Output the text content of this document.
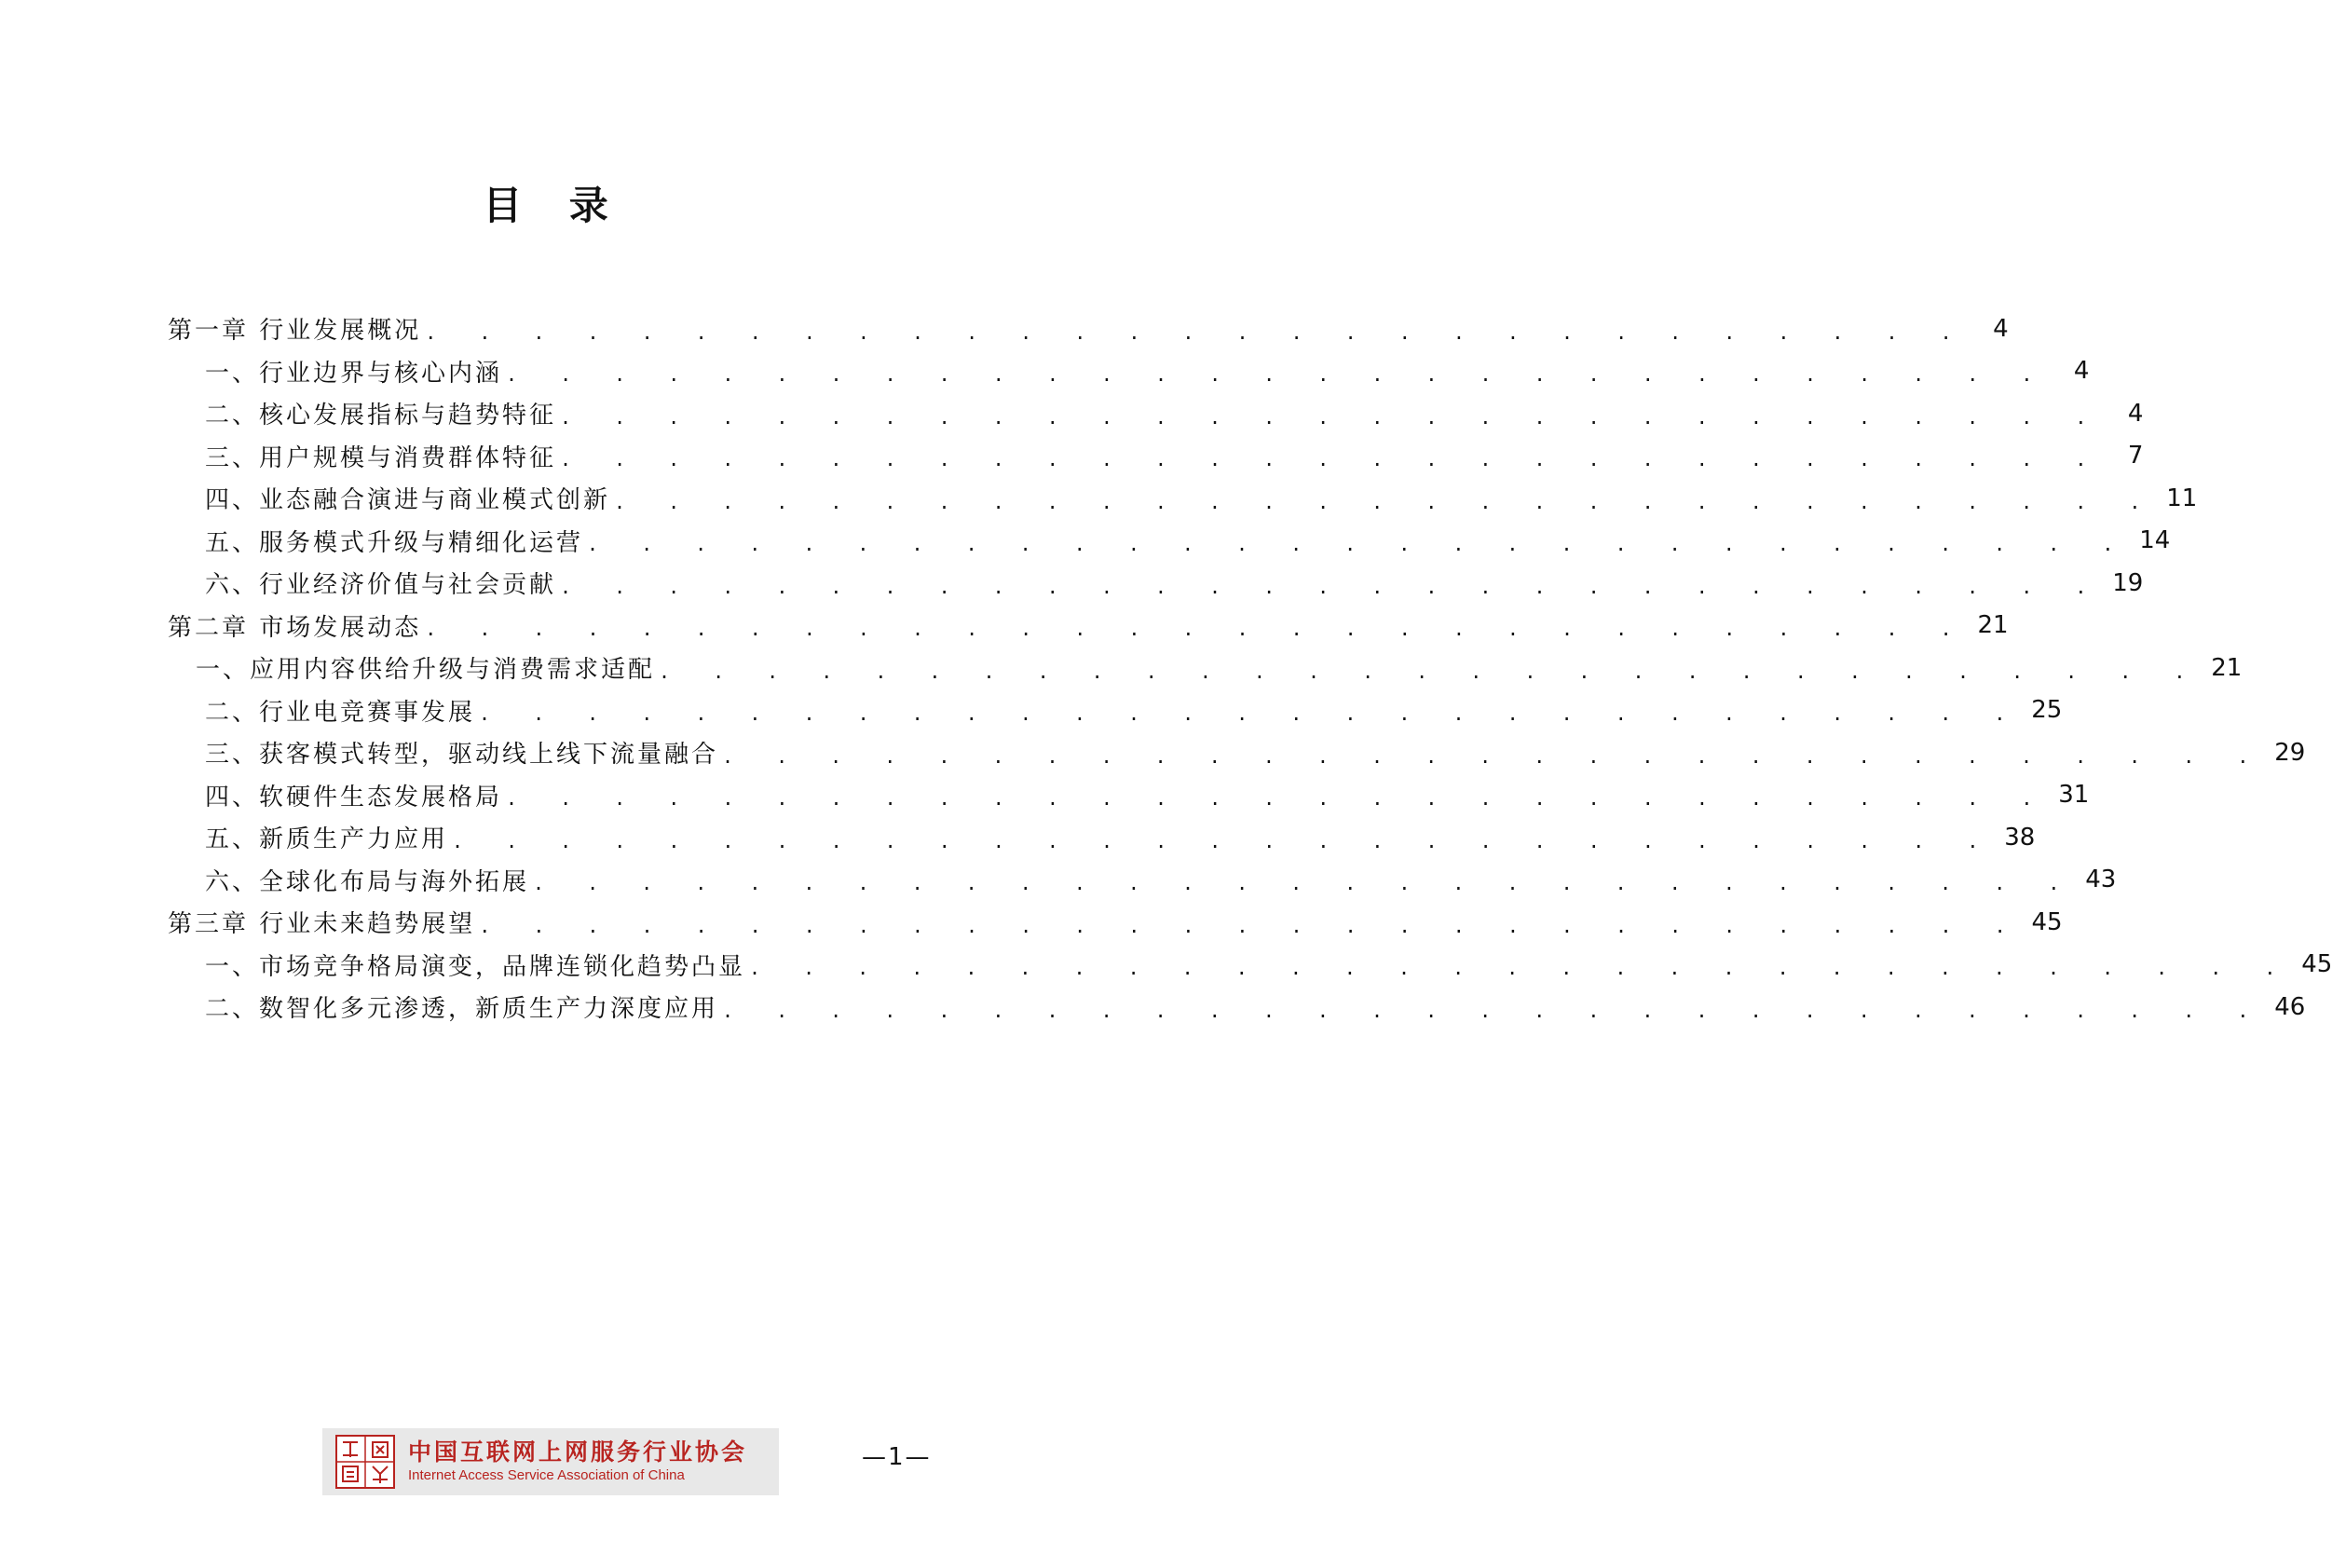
目 录
第一章 行业发展概况 . . . . . . . . . . . . . . . . . . . . . . . . . . . . .	4
一、行业边界与核心内涵 . . . . . . . . . . . . . . . . . . . . . . . . . . . . .	4
二、核心发展指标与趋势特征 . . . . . . . . . . . . . . . . . . . . . . . . . . . . .	4
三、用户规模与消费群体特征 . . . . . . . . . . . . . . . . . . . . . . . . . . . . .	7
四、业态融合演进与商业模式创新 . . . . . . . . . . . . . . . . . . . . . . . . . . . . . 11
五、服务模式升级与精细化运营 . . . . . . . . . . . . . . . . . . . . . . . . . . . . . 14
六、行业经济价值与社会贡献 . . . . . . . . . . . . . . . . . . . . . . . . . . . . . 19
第二章 市场发展动态 . . . . . . . . . . . . . . . . . . . . . . . . . . . . . 21
一、应用内容供给升级与消费需求适配 . . . . . . . . . . . . . . . . . . . . . . . . . . . . . 21
二、行业电竞赛事发展 . . . . . . . . . . . . . . . . . . . . . . . . . . . . . 25
三、获客模式转型，驱动线上线下流量融合 . . . . . . . . . . . . . . . . . . . . . . . . . . . . . 29
四、软硬件生态发展格局 . . . . . . . . . . . . . . . . . . . . . . . . . . . . . 31
五、新质生产力应用 . . . . . . . . . . . . . . . . . . . . . . . . . . . . . 38
六、全球化布局与海外拓展 . . . . . . . . . . . . . . . . . . . . . . . . . . . . . 43
第三章 行业未来趋势展望 . . . . . . . . . . . . . . . . . . . . . . . . . . . . . 45
一、市场竞争格局演变，品牌连锁化趋势凸显 . . . . . . . . . . . . . . . . . . . . . . . . . . . . . 45
二、数智化多元渗透，新质生产力深度应用 . . . . . . . . . . . . . . . . . . . . . . . . . . . . . 46
中国互联网上网服务行业协会
Internet Access Service Association of China
—1—
